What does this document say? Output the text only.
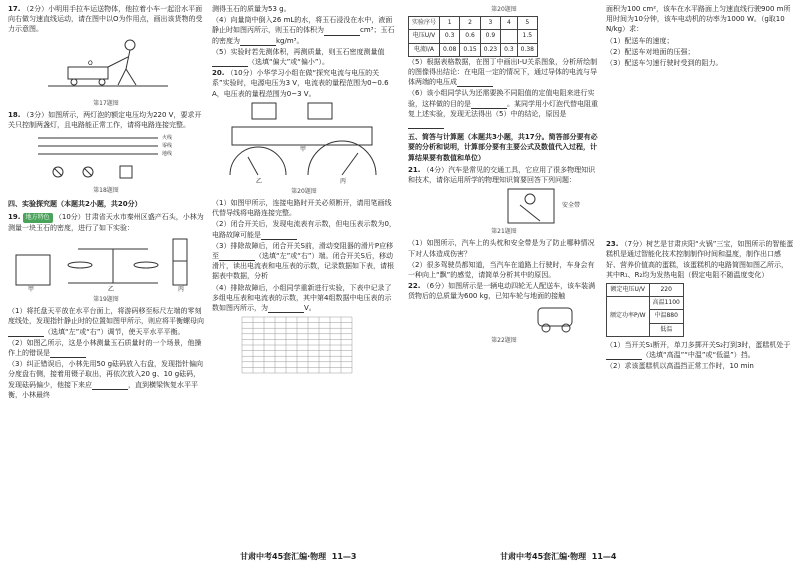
17. （2分）小明用手拉车运送物体，他拉着小车一起沿水平面向右做匀速直线运动，请在图中以O为作用点，画出该货物的受力示意图。

O
第17题图

18. （3分）如图所示，两灯泡的额定电压均为220 V，要求开关只控制两盏灯，且电路能正常工作，请将电路连接完整。

火线
零线
地线
第18题图
四、实验探究题（本题共2小题，共20分）

19. 地方特色 （10分）甘肃省天水市秦州区盛产石头，小林为测量一块玉石的密度，进行了如下实验：

甲	乙	丙
第19题图

（1）将托盘天平放在水平台面上，将游码移至标尺左端的零刻度线处，发现指针静止时的位置如图甲所示，则应将平衡螺母向（选填“左”或“右”）调节，使天平水平平衡。

（2）如图乙所示，这是小林测量玉石质量时的一个场景，他操作上的错误是

（3）纠正错误后，小林先用50 g砝码放入右盘，发现指针偏向分度盘右侧，接着用镊子取出，再依次放入20 g、10 g砝码，发现砝码偏少，他接下来应	，直到横梁恢复水平平衡，小林最终

测得玉石的质量为53 g。

（4）向量筒中倒入26 mL的水，将玉石浸没在水中，液面静止时如图丙所示，则玉石的体积为	cm³；玉石的密度为	kg/m³。

（5）实验时若先测体积，再测质量，则玉石密度测量值（选填“偏大”或“偏小”）。

20. （10分）小华学习小组在做“探究电流与电压的关系”实验时，电源电压为3 V，电流表的量程范围为0~0.6 A，电压表的量程范围为0~3 V。

甲
乙	丙
第20题图

（1）如图甲所示，连接电路时开关必须断开，请用笔画线代替导线将电路连接完整。

（2）闭合开关后，发现电流表有示数，但电压表示数为0，电路故障可能是

（3）排除故障后，闭合开关S前，滑动变阻器的滑片P应移至	（选填“左”或“右”）端。闭合开关S后，移动滑片，读出电流表和电压表的示数，记录数据如下表，请根据表中数据，分析

（4）排除故障后，小组同学重新进行实验，下表中记录了多组电压表和电流表的示数，其中第4组数据中电压表的示数如图丙所示，为	V。

甘肃中考45套汇编·物理 11—3
第20题图
实验序号	1	2	3	4	5
电压U/V	0.3	0.6	0.9		1.5
电流I/A	0.08	0.15	0.23	0.3	0.38

（5）根据表格数据，在图丁中画出I-U关系图象，分析所绘制的图像得出结论：在电阻一定的情况下，通过导体的电流与导体两端的电压成

（6）该小组同学认为还需要换不同阻值的定值电阻来进行实验，这样做的目的是	。某同学用小灯泡代替电阻重复上述实验，发现无法得出（5）中的结论，原因是

五、简答与计算题（本题共3小题，共17分。简答部分要有必要的分析和说明，计算部分要有主要公式及数值代入过程，计算结果要有数值和单位）

21. （4分）汽车是常见的交通工具，它应用了很多物理知识和技术，请你运用所学的物理知识简要回答下列问题：

安全带
第21题图

（1）如图所示，汽车上的头枕和安全带是为了防止哪种情况下对人体造成伤害？

（2）很多驾驶员都知道，当汽车在道路上行驶时，车身会有一种向上“飘”的感觉，请简单分析其中的原因。

22. （6分）如图所示是一辆电动四轮无人配送车，该车装满货物后的总质量为600 kg，已知车轮与地面的接触

第22题图

面积为100 cm²，该车在水平路面上匀速直线行驶900 m所用时间为10分钟，该车电动机的功率为1000 W。（g取10 N/kg）求：

（1）配送车的速度；

（2）配送车对地面的压强；

（3）配送车匀速行驶时受到的阻力。

23. （7分）树艺是甘肃庆阳“火锅”三宝，如图所示的智能蛋糕机是通过智能化技术控制制作时间和温度，制作出口感好、营养价值高的蛋糕，该蛋糕机的电路简图如图乙所示，其中R₁、R₂均为发热电阻（假定电阻不随温度变化）

额定电压U/V	220
额定功率P/W	高温1100
	中温880
	低温

（1）当开关S₁断开，单刀多掷开关S₂打到3时，蛋糕机处于（选填“高温”“中温”或“低温”）挡。

（2）求该蛋糕机以高温挡正常工作时，10 min

甘肃中考45套汇编·物理 11—4
